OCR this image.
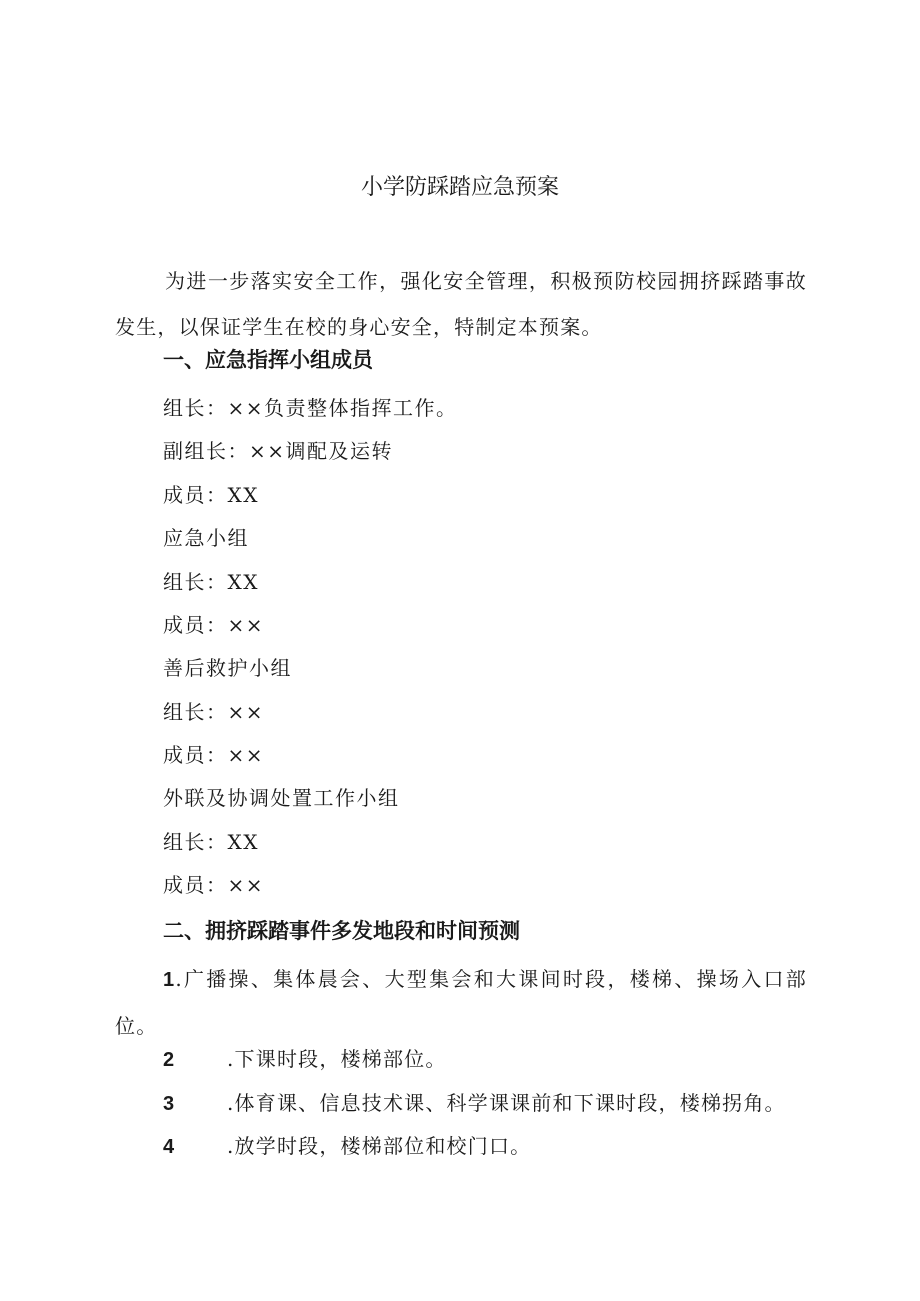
小学防踩踏应急预案

为进一步落实安全工作，强化安全管理，积极预防校园拥挤踩踏事故发生，以保证学生在校的身心安全，特制定本预案。

一、应急指挥小组成员
组长：××负责整体指挥工作。
副组长：××调配及运转
成员：XX
应急小组
组长：XX
成员：××
善后救护小组
组长：××
成员：××
外联及协调处置工作小组
组长：XX
成员：××
二、拥挤踩踏事件多发地段和时间预测

1.广播操、集体晨会、大型集会和大课间时段，楼梯、操场入口部位。

2	.下课时段，楼梯部位。
3	.体育课、信息技术课、科学课课前和下课时段，楼梯拐角。
4	.放学时段，楼梯部位和校门口。
